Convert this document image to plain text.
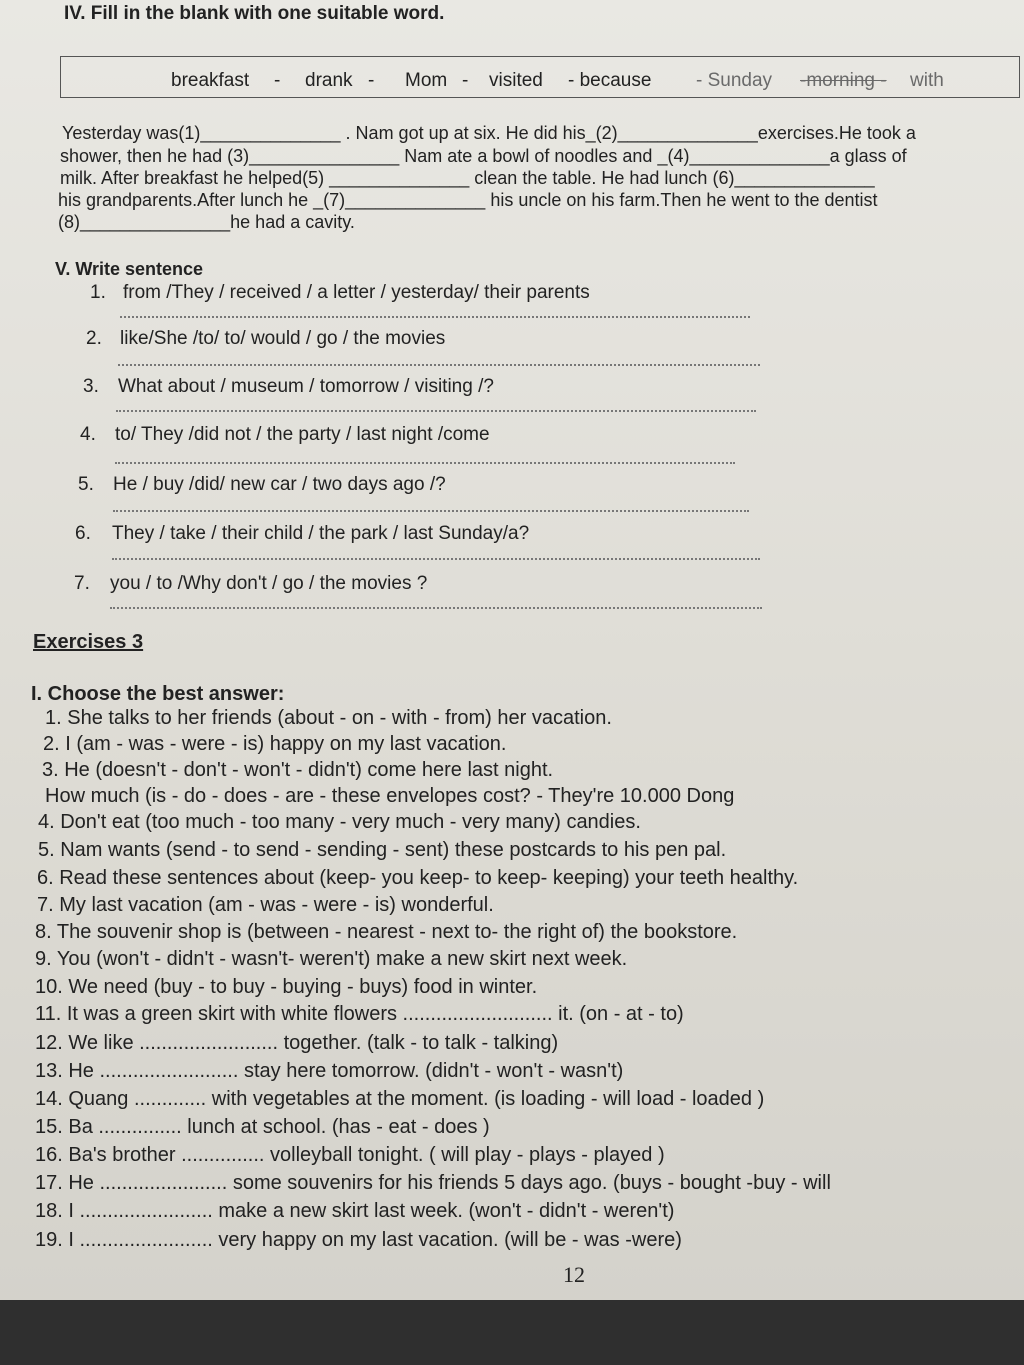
IV. Fill in the blank with one suitable word.
breakfast - drank - Mom - visited - because - Sunday -morning - with
Yesterday was(1)______________ . Nam got up at six. He did his_(2)______________exercises.He took a
shower, then he had (3)_______________ Nam ate a bowl of noodles and _(4)______________a glass of
milk. After breakfast he helped(5) ______________ clean the table. He had lunch (6)______________
his grandparents.After lunch he _(7)______________ his uncle on his farm.Then he went to the dentist
(8)_______________he had a cavity.
V. Write sentence
1. from /They / received / a letter / yesterday/ their parents
2. like/She /to/ to/ would / go / the movies
3. What about / museum / tomorrow / visiting /?
4. to/ They /did not / the party / last night /come
5. He / buy /did/ new car / two days ago /?
6. They / take / their child / the park / last Sunday/a?
7. you / to /Why don't / go / the movies ?
Exercises 3
I. Choose the best answer:
1. She talks to her friends (about - on - with - from) her vacation.
2. I (am - was - were - is) happy on my last vacation.
3. He (doesn't - don't - won't - didn't) come here last night.
How much (is - do - does - are - these envelopes cost? - They're 10.000 Dong
4. Don't eat (too much - too many - very much - very many) candies.
5. Nam wants (send - to send - sending - sent) these postcards to his pen pal.
6. Read these sentences about (keep- you keep- to keep- keeping) your teeth healthy.
7. My last vacation (am - was - were - is) wonderful.
8. The souvenir shop is (between - nearest - next to- the right of) the bookstore.
9. You (won't - didn't - wasn't- weren't) make a new skirt next week.
10. We need (buy - to buy - buying - buys) food in winter.
11. It was a green skirt with white flowers ........................... it. (on - at - to)
12. We like ......................... together. (talk - to talk - talking)
13. He ......................... stay here tomorrow. (didn't - won't - wasn't)
14. Quang ............. with vegetables at the moment. (is loading - will load - loaded )
15. Ba ............... lunch at school. (has - eat - does )
16. Ba's brother ............... volleyball tonight. ( will play - plays - played )
17. He ....................... some souvenirs for his friends 5 days ago. (buys - bought -buy - will
18. I ........................ make a new skirt last week. (won't - didn't - weren't)
19. I ........................ very happy on my last vacation. (will be - was -were)
12
